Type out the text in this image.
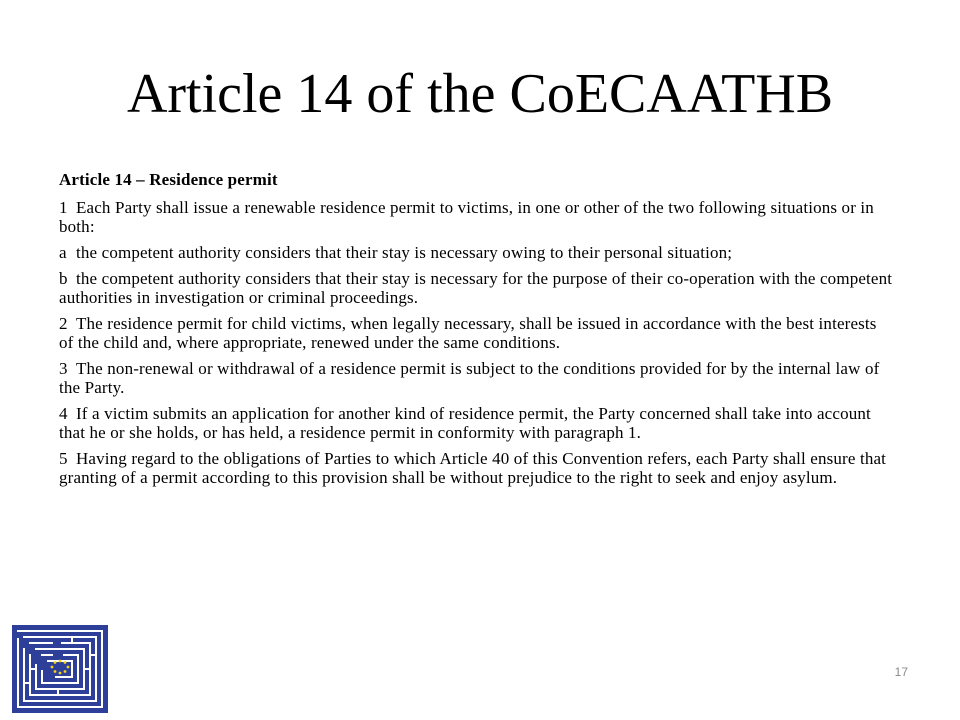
Article 14 of the CoECAATHB

Article 14 – Residence permit

1 Each Party shall issue a renewable residence permit to victims, in one or other of the two following situations or in both:

a the competent authority considers that their stay is necessary owing to their personal situation;

b the competent authority considers that their stay is necessary for the purpose of their co-operation with the competent authorities in investigation or criminal proceedings.

2 The residence permit for child victims, when legally necessary, shall be issued in accordance with the best interests of the child and, where appropriate, renewed under the same conditions.

3 The non-renewal or withdrawal of a residence permit is subject to the conditions provided for by the internal law of the Party.

4 If a victim submits an application for another kind of residence permit, the Party concerned shall take into account that he or she holds, or has held, a residence permit in conformity with paragraph 1.

5 Having regard to the obligations of Parties to which Article 40 of this Convention refers, each Party shall ensure that granting of a permit according to this provision shall be without prejudice to the right to seek and enjoy asylum.

17
